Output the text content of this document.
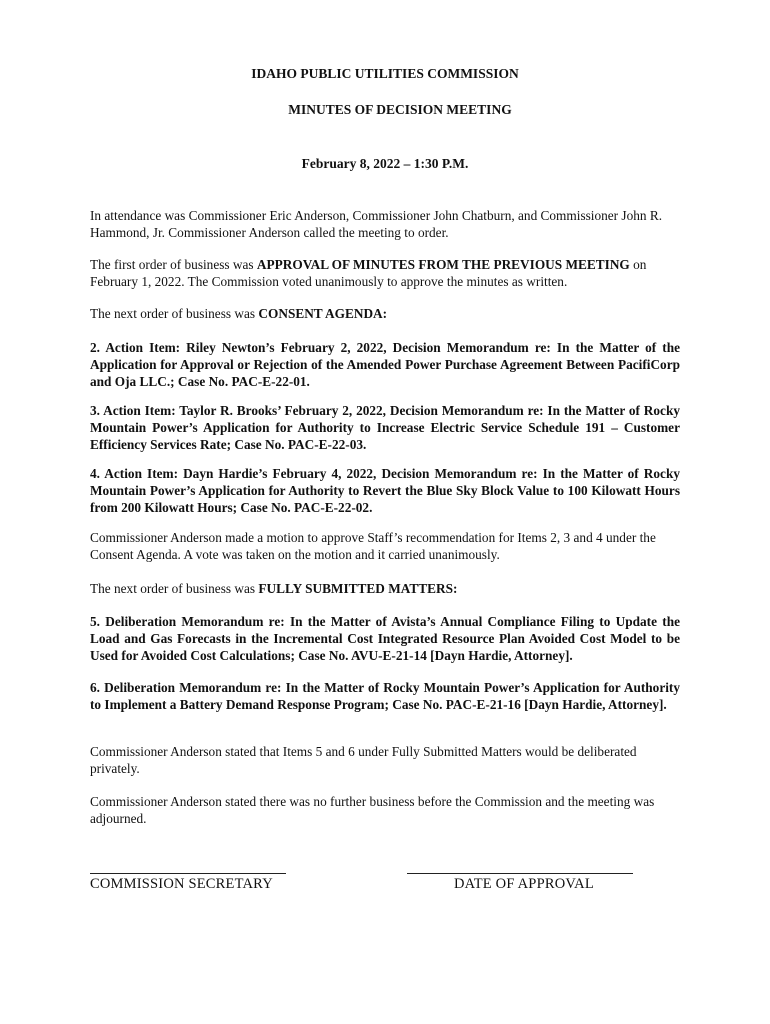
IDAHO PUBLIC UTILITIES COMMISSION
MINUTES OF DECISION MEETING
February 8, 2022 – 1:30 P.M.

In attendance was Commissioner Eric Anderson, Commissioner John Chatburn, and Commissioner John R. Hammond, Jr. Commissioner Anderson called the meeting to order.

The first order of business was APPROVAL OF MINUTES FROM THE PREVIOUS MEETING on February 1, 2022. The Commission voted unanimously to approve the minutes as written.

The next order of business was CONSENT AGENDA:

2. Action Item: Riley Newton’s February 2, 2022, Decision Memorandum re: In the Matter of the Application for Approval or Rejection of the Amended Power Purchase Agreement Between PacifiCorp and Oja LLC.; Case No. PAC-E-22-01.

3. Action Item: Taylor R. Brooks’ February 2, 2022, Decision Memorandum re: In the Matter of Rocky Mountain Power’s Application for Authority to Increase Electric Service Schedule 191 – Customer Efficiency Services Rate; Case No. PAC-E-22-03.

4. Action Item: Dayn Hardie’s February 4, 2022, Decision Memorandum re: In the Matter of Rocky Mountain Power’s Application for Authority to Revert the Blue Sky Block Value to 100 Kilowatt Hours from 200 Kilowatt Hours; Case No. PAC-E-22-02.

Commissioner Anderson made a motion to approve Staff’s recommendation for Items 2, 3 and 4 under the Consent Agenda. A vote was taken on the motion and it carried unanimously.

The next order of business was FULLY SUBMITTED MATTERS:

5. Deliberation Memorandum re: In the Matter of Avista’s Annual Compliance Filing to Update the Load and Gas Forecasts in the Incremental Cost Integrated Resource Plan Avoided Cost Model to be Used for Avoided Cost Calculations; Case No. AVU-E-21-14 [Dayn Hardie, Attorney].

6. Deliberation Memorandum re: In the Matter of Rocky Mountain Power’s Application for Authority to Implement a Battery Demand Response Program; Case No. PAC-E-21-16 [Dayn Hardie, Attorney].

Commissioner Anderson stated that Items 5 and 6 under Fully Submitted Matters would be deliberated privately.

Commissioner Anderson stated there was no further business before the Commission and the meeting was adjourned.

COMMISSION SECRETARY	DATE OF APPROVAL
